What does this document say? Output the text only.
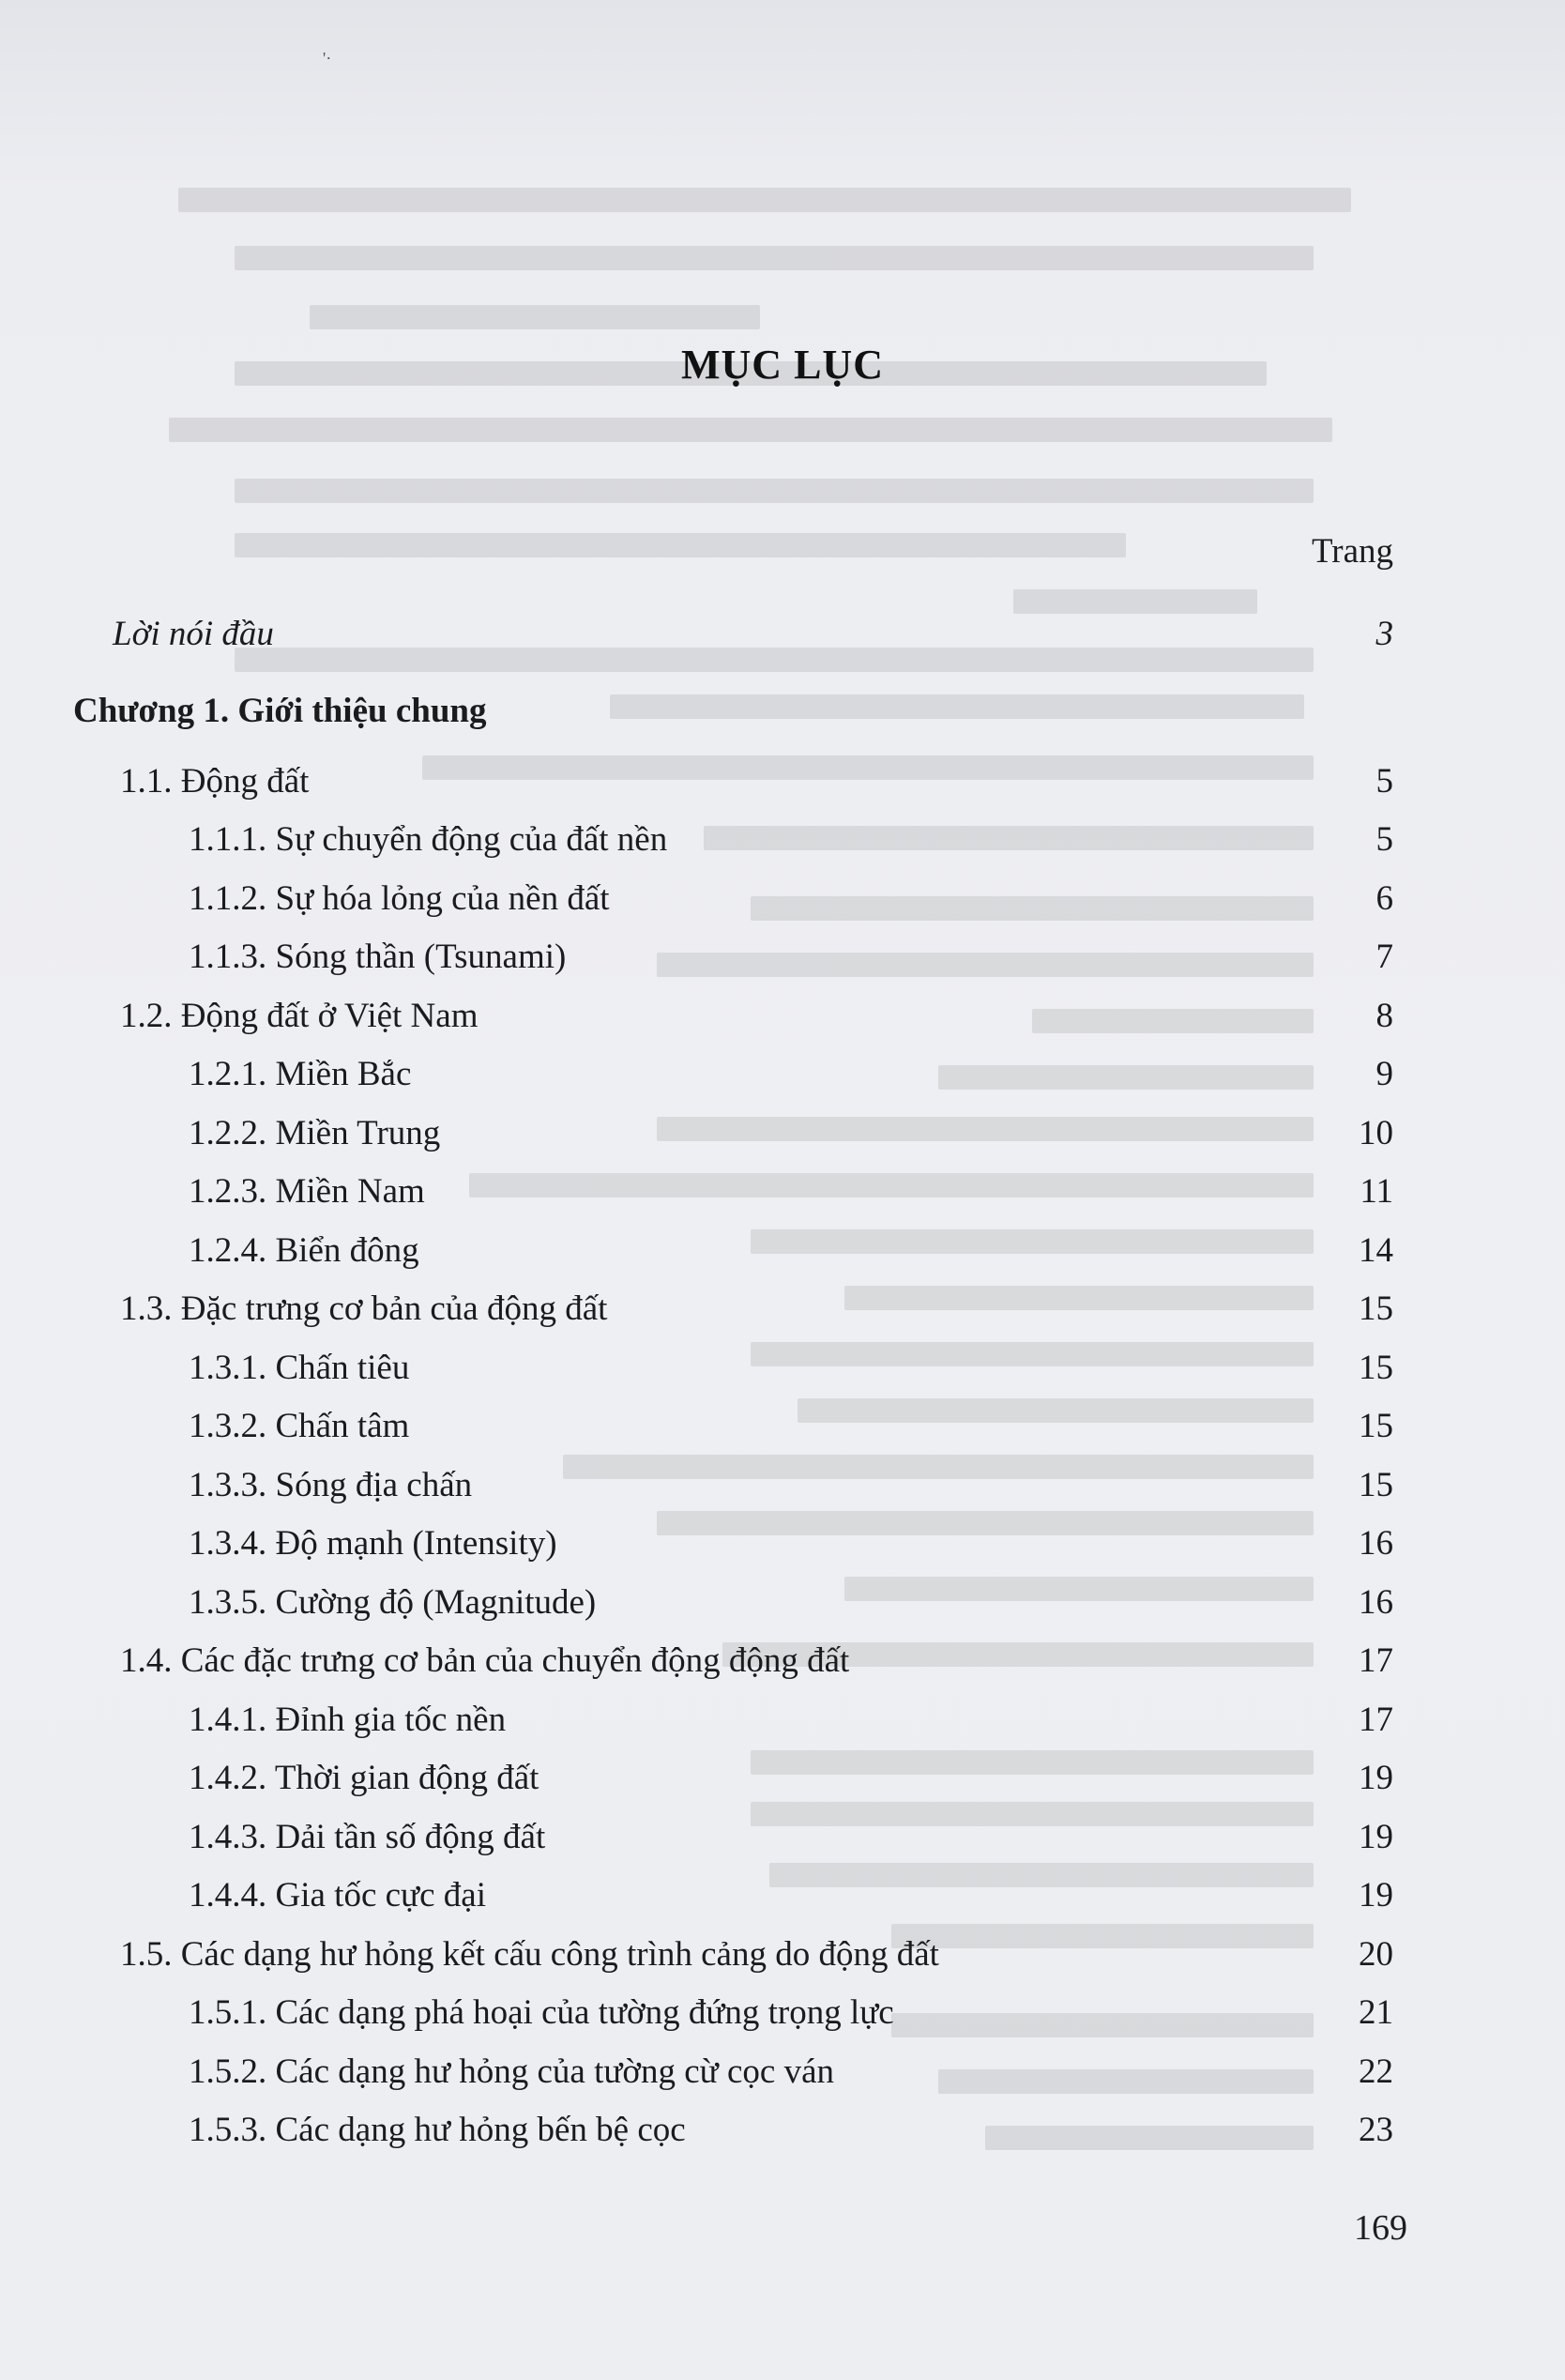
'·
MỤC LỤC
Trang
Lời nói đầu	3
Chương 1. Giới thiệu chung
1.1. Động đất	5
1.1.1. Sự chuyển động của đất nền	5
1.1.2. Sự hóa lỏng của nền đất	6
1.1.3. Sóng thần (Tsunami)	7
1.2. Động đất ở Việt Nam	8
1.2.1. Miền Bắc	9
1.2.2. Miền Trung	10
1.2.3. Miền Nam	11
1.2.4. Biển đông	14
1.3. Đặc trưng cơ bản của động đất	15
1.3.1. Chấn tiêu	15
1.3.2. Chấn tâm	15
1.3.3. Sóng địa chấn	15
1.3.4. Độ mạnh (Intensity)	16
1.3.5. Cường độ (Magnitude)	16
1.4. Các đặc trưng cơ bản của chuyển động động đất	17
1.4.1. Đỉnh gia tốc nền	17
1.4.2. Thời gian động đất	19
1.4.3. Dải tần số động đất	19
1.4.4. Gia tốc cực đại	19
1.5. Các dạng hư hỏng kết cấu công trình cảng do động đất	20
1.5.1. Các dạng phá hoại của tường đứng trọng lực	21
1.5.2. Các dạng hư hỏng của tường cừ cọc ván	22
1.5.3. Các dạng hư hỏng bến bệ cọc	23
169
